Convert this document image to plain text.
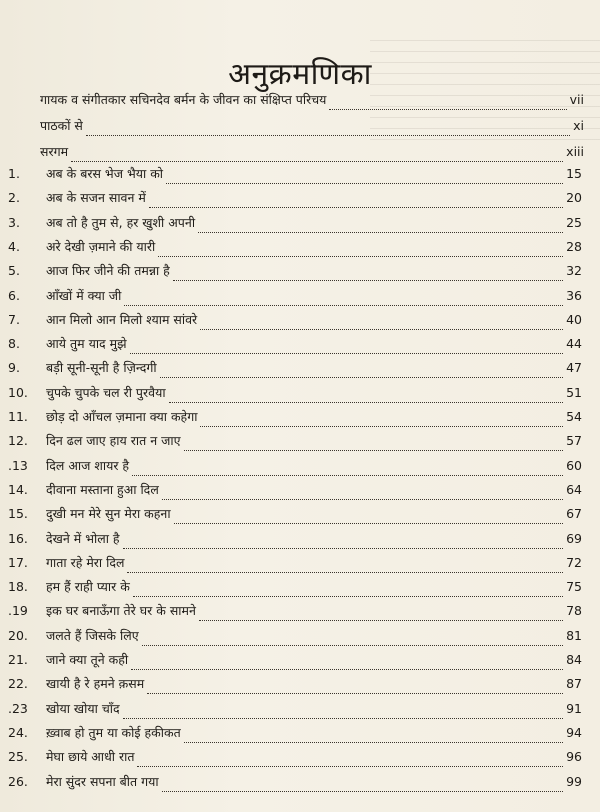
अनुक्रमणिका
गायक व संगीतकार सचिनदेव बर्मन के जीवन का संक्षिप्त परिचय	vii
पाठकों से	xi
सरगम	xiii
1.	अब के बरस भेज भैया को	15
2.	अब के सजन सावन में	20
3.	अब तो है तुम से, हर खुशी अपनी	25
4.	अरे देखी ज़माने की यारी	28
5.	आज फिर जीने की तमन्ना है	32
6.	आँखों में क्या जी	36
7.	आन मिलो आन मिलो श्याम सांवरे	40
8.	आये तुम याद मुझे	44
9.	बड़ी सूनी-सूनी है ज़िन्दगी	47
10.	चुपके चुपके चल री पुरवैया	51
11.	छोड़ दो आँचल ज़माना क्या कहेगा	54
12.	दिन ढल जाए हाय रात न जाए	57
.13	दिल आज शायर है	60
14.	दीवाना मस्ताना हुआ दिल	64
15.	दुखी मन मेरे सुन मेरा कहना	67
16.	देखने में भोला है	69
17.	गाता रहे मेरा दिल	72
18.	हम हैं राही प्यार के	75
.19	इक घर बनाऊँगा तेरे घर के सामने	78
20.	जलते हैं जिसके लिए	81
21.	जाने क्या तूने कही	84
22.	खायी है रे हमने क़सम	87
.23	खोया खोया चाँद	91
24.	ख़्वाब हो तुम या कोई हकीकत	94
25.	मेघा छाये आधी रात	96
26.	मेरा सुंदर सपना बीत गया	99
